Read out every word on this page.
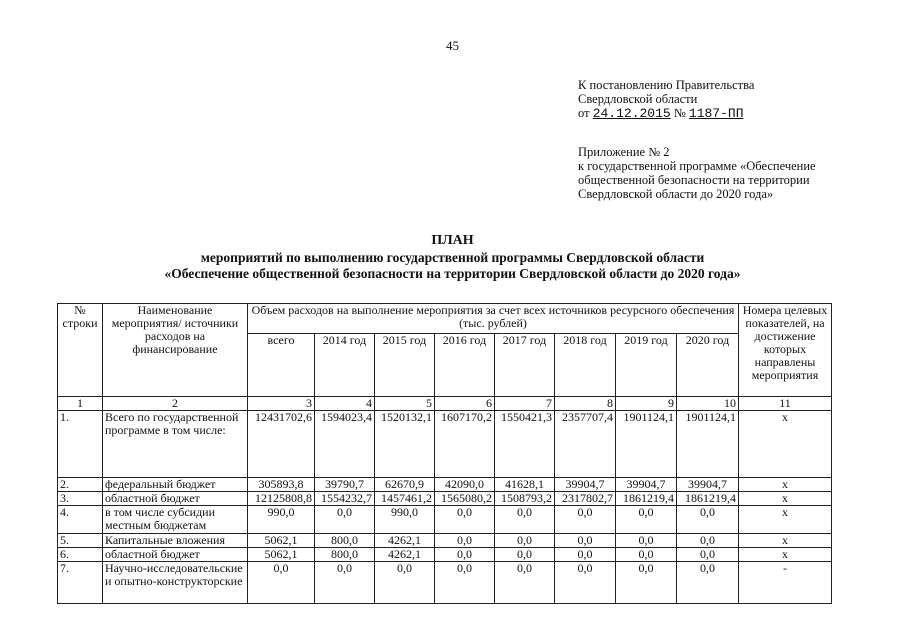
45
К постановлению Правительства
Свердловской области
от 24.12.2015 № 1187-ПП
Приложение № 2
к государственной программе «Обеспечение
общественной безопасности на территории
Свердловской области до 2020 года»
ПЛАН
мероприятий по выполнению государственной программы Свердловской области
«Обеспечение общественной безопасности на территории Свердловской области до 2020 года»
№ строки	Наименование мероприятия/ источники расходов на финансирование	Объем расходов на выполнение мероприятия за счет всех источников ресурсного обеспечения (тыс. рублей)								Номера целевых показателей, на достижение которых направлены мероприятия
		всего	2014 год	2015 год	2016 год	2017 год	2018 год	2019 год	2020 год	
1	2	3	4	5	6	7	8	9	10	11
1.	Всего по государственной программе в том числе:	12431702,6	1594023,4	1520132,1	1607170,2	1550421,3	2357707,4	1901124,1	1901124,1	х
2.	федеральный бюджет	305893,8	39790,7	62670,9	42090,0	41628,1	39904,7	39904,7	39904,7	х
3.	областной бюджет	12125808,8	1554232,7	1457461,2	1565080,2	1508793,2	2317802,7	1861219,4	1861219,4	х
4.	в том числе субсидии местным бюджетам	990,0	0,0	990,0	0,0	0,0	0,0	0,0	0,0	х
5.	Капитальные вложения	5062,1	800,0	4262,1	0,0	0,0	0,0	0,0	0,0	х
6.	областной бюджет	5062,1	800,0	4262,1	0,0	0,0	0,0	0,0	0,0	х
7.	Научно-исследовательские и опытно-конструкторские	0,0	0,0	0,0	0,0	0,0	0,0	0,0	0,0	-
